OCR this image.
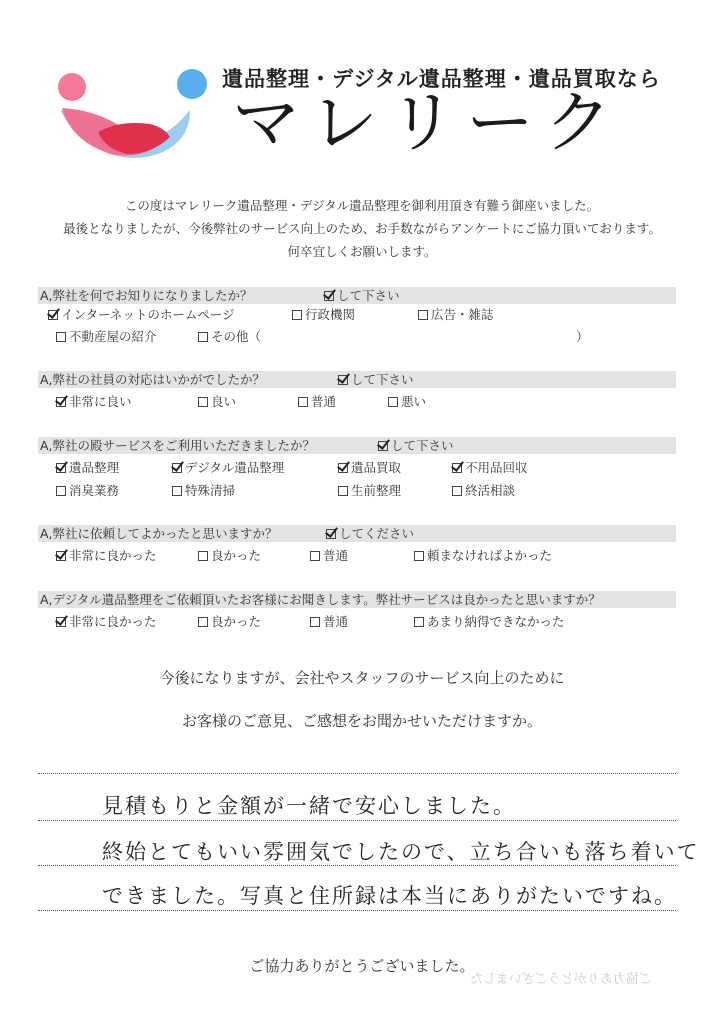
遺品整理・デジタル遺品整理・遺品買取なら
マレリーク
この度はマレリーク遺品整理・デジタル遺品整理を御利用頂き有難う御座いました。
最後となりましたが、今後弊社のサービス向上のため、お手数ながらアンケートにご協力頂いております。
何卒宜しくお願いします。
A,弊社を何でお知りになりましたか？	して下さい
インターネットのホームページ	行政機関	広告・雑誌
不動産屋の紹介	その他（	）
A,弊社の社員の対応はいかがでしたか？	して下さい
非常に良い	良い	普通	悪い
A,弊社の殿サービスをご利用いただきましたか？	して下さい
遺品整理	デジタル遺品整理	遺品買取	不用品回収
消臭業務	特殊清掃	生前整理	終活相談
A,弊社に依頼してよかったと思いますか？	してください
非常に良かった	良かった	普通	頼まなければよかった
A,デジタル遺品整理をご依頼頂いたお客様にお聞きします。弊社サービスは良かったと思いますか？
非常に良かった	良かった	普通	あまり納得できなかった
今後になりますが、会社やスタッフのサービス向上のために
お客様のご意見、ご感想をお聞かせいただけますか。
見積もりと金額が一緒で安心しました。
終始とてもいい雰囲気でしたので、立ち合いも落ち着いて
できました。写真と住所録は本当にありがたいですね。
ご協力ありがとうございました。
ご協力ありがとうございました
